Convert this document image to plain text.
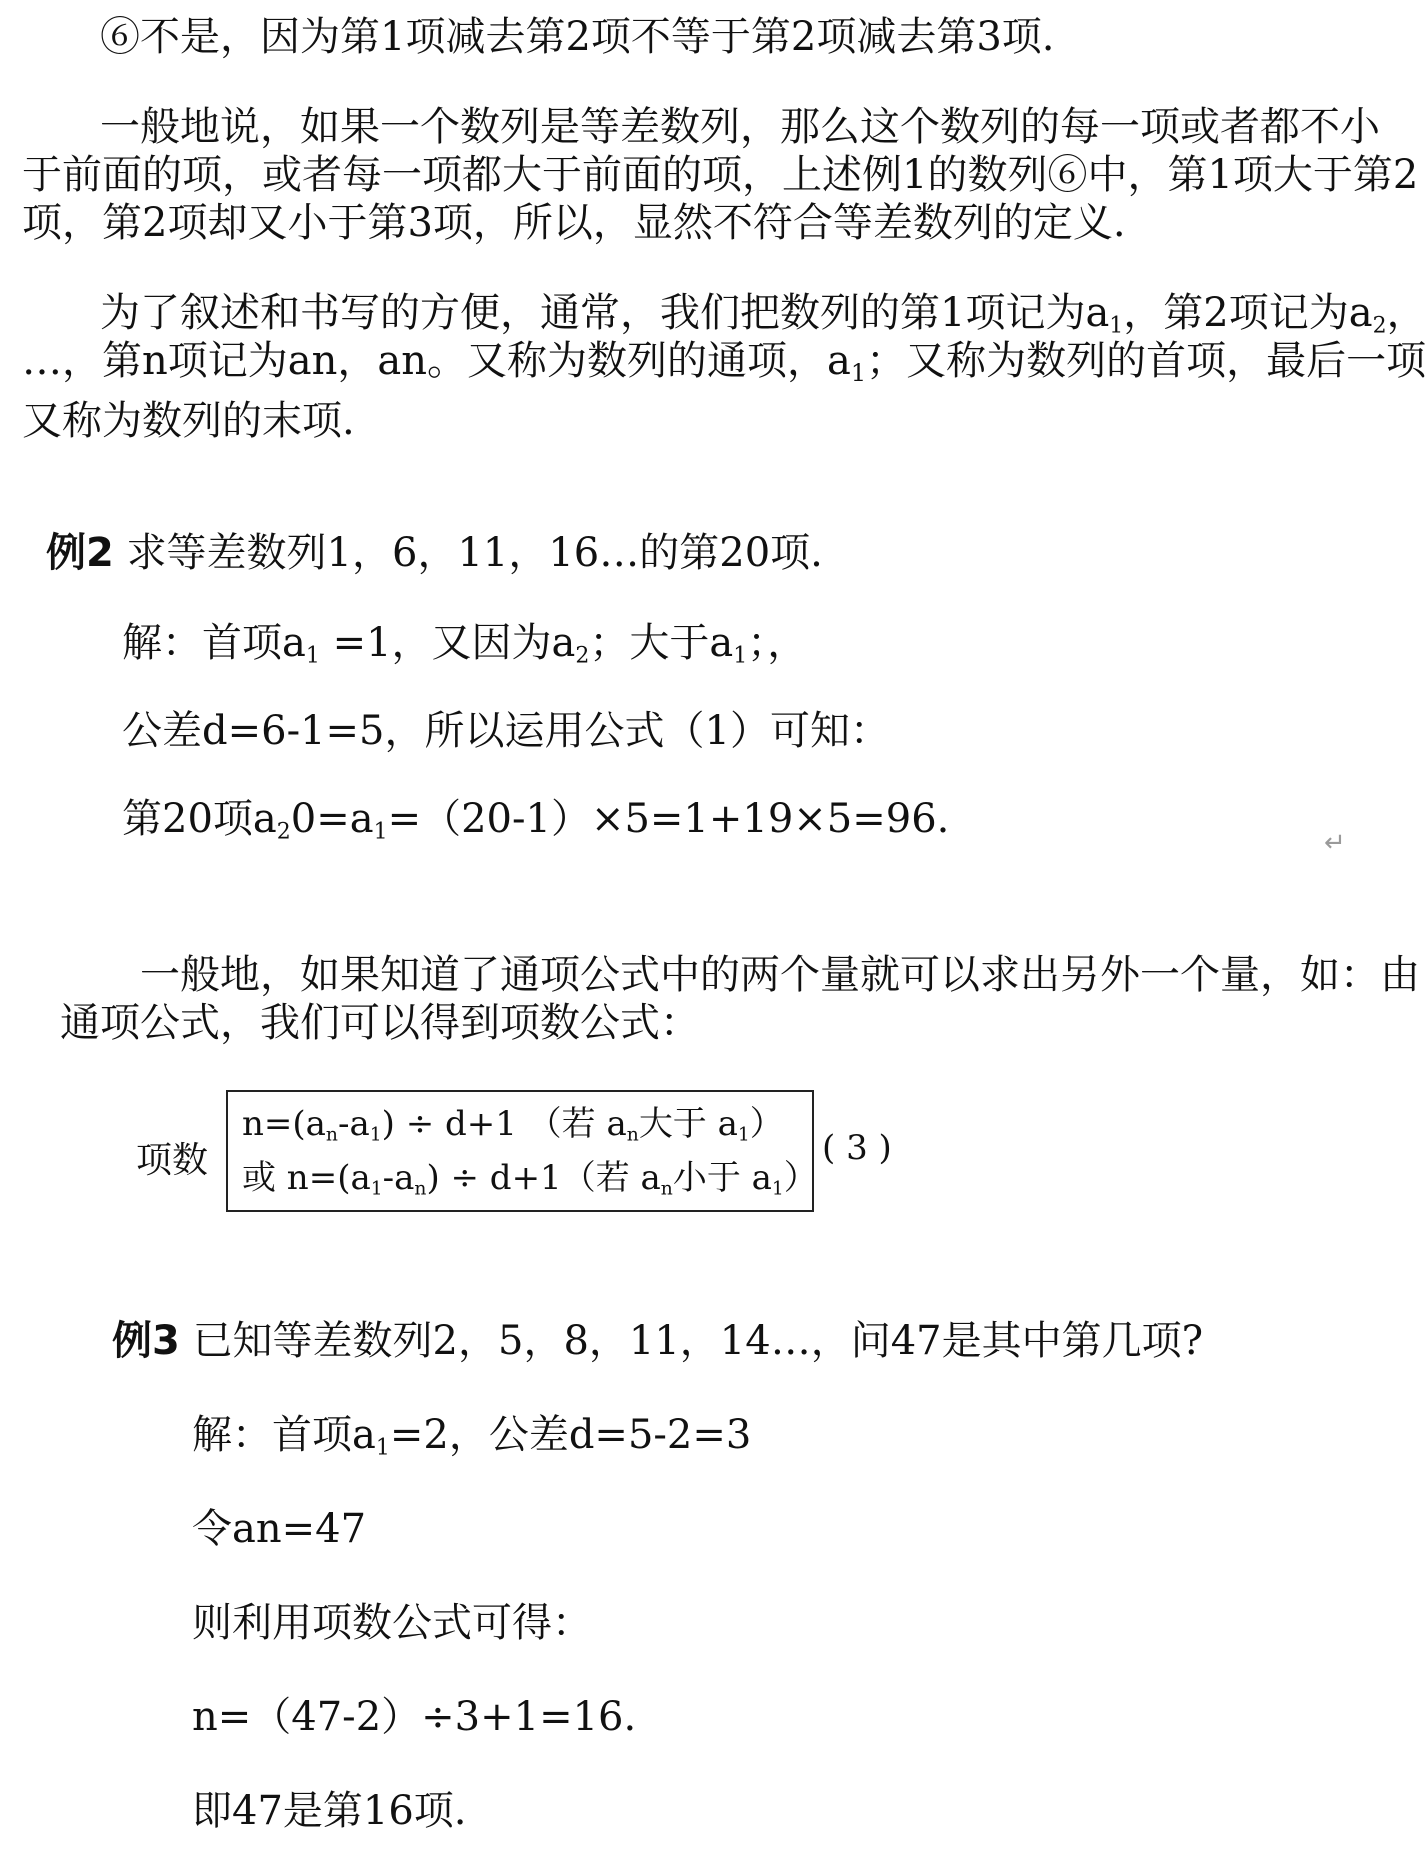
⑥不是，因为第1项减去第2项不等于第2项减去第3项.
一般地说，如果一个数列是等差数列，那么这个数列的每一项或者都不小
于前面的项，或者每一项都大于前面的项，上述例1的数列⑥中，第1项大于第2
项，第2项却又小于第3项，所以，显然不符合等差数列的定义.
为了叙述和书写的方便，通常，我们把数列的第1项记为a1，第2项记为a2，
…，第n项记为an，an。又称为数列的通项，a1；又称为数列的首项，最后一项
又称为数列的末项.
例2 求等差数列1，6，11，16…的第20项.
解：首项a1 =1，又因为a2；大于a1；，
公差d=6-1=5，所以运用公式（1）可知：
第20项a20=a1=（20-1）×5=1+19×5=96.
↵
一般地，如果知道了通项公式中的两个量就可以求出另外一个量，如：由
通项公式，我们可以得到项数公式：
项数
n=(an-a1) ÷ d+1 （若 an大于 a1）
或 n=(a1-an) ÷ d+1（若 an小于 a1）
( 3 )
例3 已知等差数列2，5，8，11，14…，问47是其中第几项?
解：首项a1=2，公差d=5-2=3
令an=47
则利用项数公式可得：
n=（47-2）÷3+1=16.
即47是第16项.
